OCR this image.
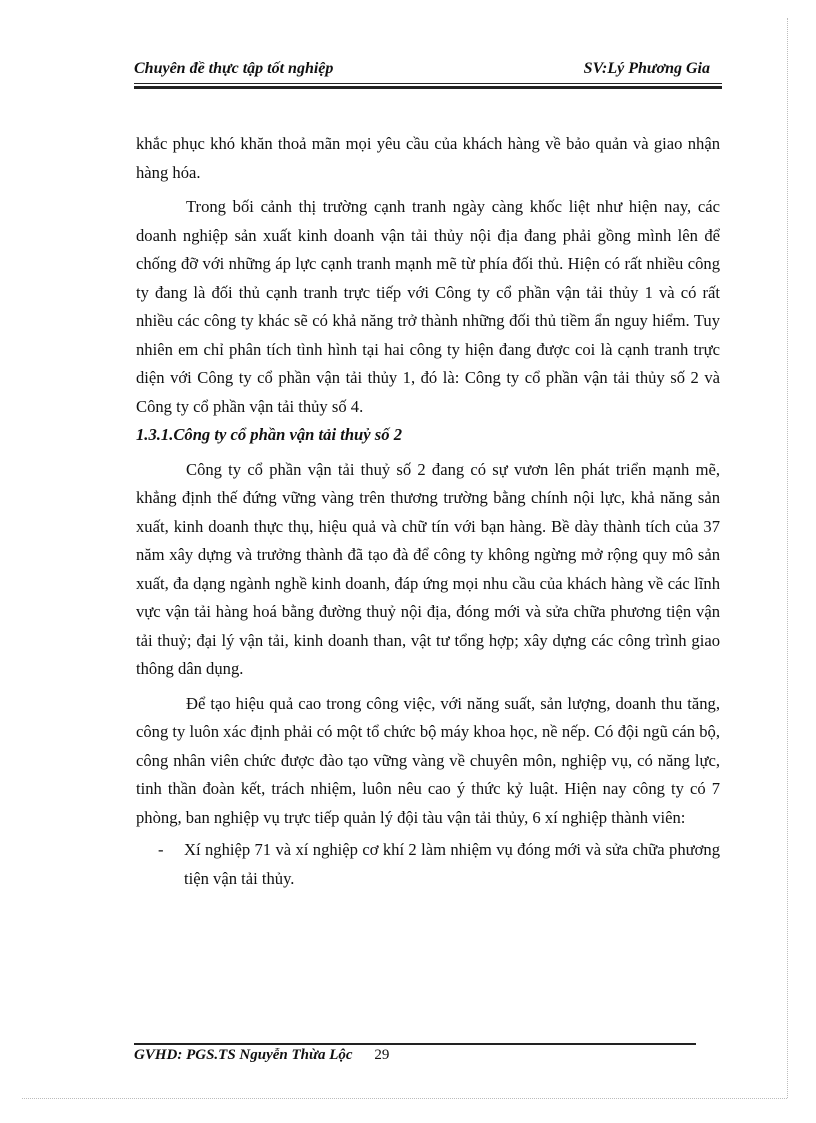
Chuyên đề thực tập tốt nghiệp	SV:Lý Phương Gia

khắc phục khó khăn thoả mãn mọi yêu cầu của khách hàng về bảo quản và giao nhận hàng hóa.

Trong bối cảnh thị trường cạnh tranh ngày càng khốc liệt như hiện nay, các doanh nghiệp sản xuất kinh doanh vận tải thủy nội địa đang phải gồng mình lên để chống đỡ với những áp lực cạnh tranh mạnh mẽ từ phía đối thủ. Hiện có rất nhiều công ty đang là đối thủ cạnh tranh trực tiếp với Công ty cổ phần vận tải thủy 1 và có rất nhiều các công ty khác sẽ có khả năng trở thành những đối thủ tiềm ẩn nguy hiểm. Tuy nhiên em chỉ phân tích tình hình tại hai công ty hiện đang được coi là cạnh tranh trực diện với Công ty cổ phần vận tải thủy 1, đó là: Công ty cổ phần vận tải thủy số 2 và Công ty cổ phần vận tải thủy số 4.

1.3.1.Công ty cổ phần vận tải thuỷ số 2

Công ty cổ phần vận tải thuỷ số 2 đang có sự vươn lên phát triển mạnh mẽ, khẳng định thế đứng vững vàng trên thương trường bằng chính nội lực, khả năng sản xuất, kinh doanh thực thụ, hiệu quả và chữ tín với bạn hàng. Bề dày thành tích của 37 năm xây dựng và trưởng thành đã tạo đà để công ty không ngừng mở rộng quy mô sản xuất, đa dạng ngành nghề kinh doanh, đáp ứng mọi nhu cầu của khách hàng về các lĩnh vực vận tải hàng hoá bằng đường thuỷ nội địa, đóng mới và sửa chữa phương tiện vận tải thuỷ; đại lý vận tải, kinh doanh than, vật tư tổng hợp; xây dựng các công trình giao thông dân dụng.

Để tạo hiệu quả cao trong công việc, với năng suất, sản lượng, doanh thu tăng, công ty luôn xác định phải có một tổ chức bộ máy khoa học, nề nếp. Có đội ngũ cán bộ, công nhân viên chức được đào tạo vững vàng về chuyên môn, nghiệp vụ, có năng lực, tinh thần đoàn kết, trách nhiệm, luôn nêu cao ý thức kỷ luật. Hiện nay công ty có 7 phòng, ban nghiệp vụ trực tiếp quản lý đội tàu vận tải thủy, 6 xí nghiệp thành viên:

- Xí nghiệp 71 và xí nghiệp cơ khí 2 làm nhiệm vụ đóng mới và sửa chữa phương tiện vận tải thủy.
GVHD: PGS.TS Nguyễn Thừa Lộc 29
